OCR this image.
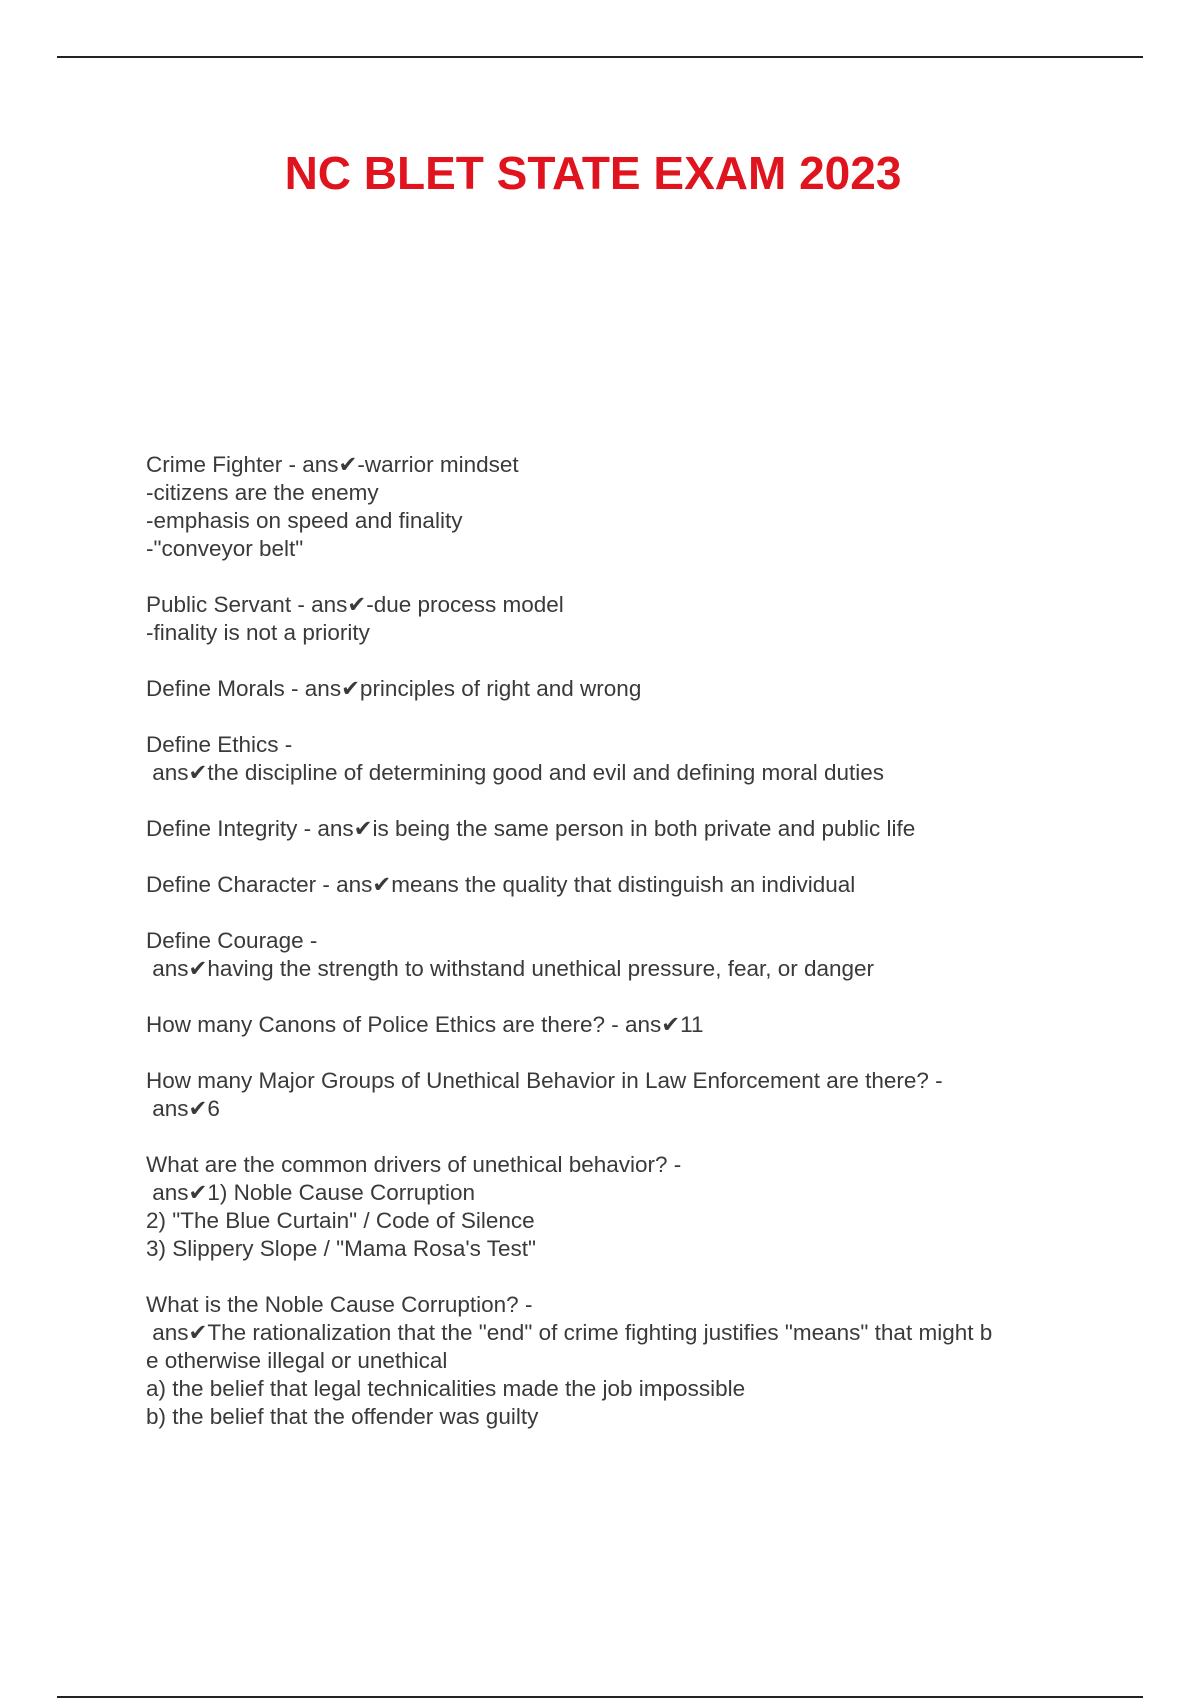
NC BLET STATE EXAM 2023
Crime Fighter - ans✔-warrior mindset
-citizens are the enemy
-emphasis on speed and finality
-"conveyor belt"
Public Servant - ans✔-due process model
-finality is not a priority
Define Morals - ans✔principles of right and wrong
Define Ethics -
ans✔the discipline of determining good and evil and defining moral duties
Define Integrity - ans✔is being the same person in both private and public life
Define Character - ans✔means the quality that distinguish an individual
Define Courage -
ans✔having the strength to withstand unethical pressure, fear, or danger
How many Canons of Police Ethics are there? - ans✔11
How many Major Groups of Unethical Behavior in Law Enforcement are there? -
ans✔6
What are the common drivers of unethical behavior? -
ans✔1) Noble Cause Corruption
2) "The Blue Curtain" / Code of Silence
3) Slippery Slope / "Mama Rosa's Test"
What is the Noble Cause Corruption? -
ans✔The rationalization that the "end" of crime fighting justifies "means" that might b
e otherwise illegal or unethical
a) the belief that legal technicalities made the job impossible
b) the belief that the offender was guilty
